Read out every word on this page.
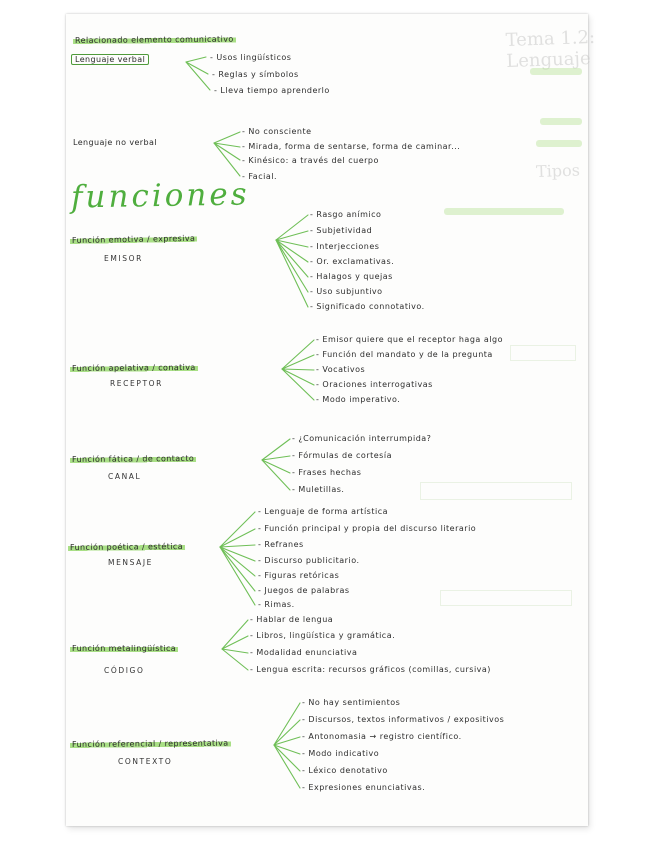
Tema 1.2: Lenguaje
Tipos
Relacionado elemento comunicativo
Lenguaje verbal	- Usos lingüísticos
- Reglas y símbolos
- Lleva tiempo aprenderlo
Lenguaje no verbal
- No consciente
- Mirada, forma de sentarse, forma de caminar...
- Kinésico: a través del cuerpo
- Facial.
funciones
Función emotiva / expresiva
EMISOR
- Rasgo anímico
- Subjetividad
- Interjecciones
- Or. exclamativas.
- Halagos y quejas
- Uso subjuntivo
- Significado connotativo.
Función apelativa / conativa
RECEPTOR
- Emisor quiere que el receptor haga algo
- Función del mandato y de la pregunta
- Vocativos
- Oraciones interrogativas
- Modo imperativo.
Función fática / de contacto
CANAL
- ¿Comunicación interrumpida?
- Fórmulas de cortesía
- Frases hechas
- Muletillas.
Función poética / estética
MENSAJE
- Lenguaje de forma artística
- Función principal y propia del discurso literario
- Refranes
- Discurso publicitario.
- Figuras retóricas
- Juegos de palabras
- Rimas.
Función metalingüística
CÓDIGO
- Hablar de lengua
- Libros, lingüística y gramática.
- Modalidad enunciativa
- Lengua escrita: recursos gráficos (comillas, cursiva)
Función referencial / representativa
CONTEXTO
- No hay sentimientos
- Discursos, textos informativos / expositivos
- Antonomasia → registro científico.
- Modo indicativo
- Léxico denotativo
- Expresiones enunciativas.
